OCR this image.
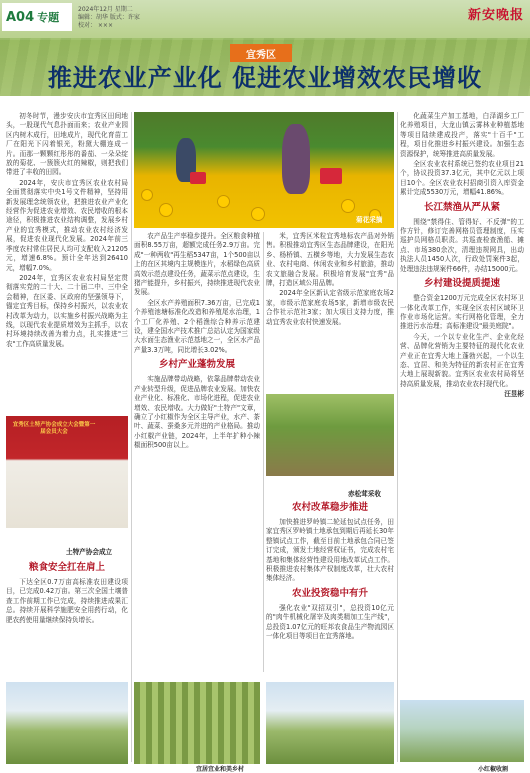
A04 专题
2024年12月 星期二
编辑：胡华 版式：许家
校对： ×××
新安晚报
宜秀区
推进农业产业化 促进农业增效农民增收

初冬时节，漫步安庆市宜秀区田间地头，一股现代气息扑面而来；农业产业园区内树木成行，田地成片，现代化育苗工厂在阳光下闪着银光，粉黛大棚连成一片。而那一颗颗红彤彤的番茄、一朵朵绽放的菊花、一簇簇火红的辣椒，则把我们带进了丰收的田园。

2024年，安庆市宜秀区农业农村局全面贯彻落实中央1号文件精神，坚持用新发展理念统领农业，把推进农业产业化经营作为促进农业增效、农民增收的根本途径，积极推进农业结构调整，发展乡村产业的宜秀模式，推动农业农村经济发展，促进农业现代化发展。2024年前三季度农村常住居民人均可支配收入21205元，增速6.8%。预计全年达到26410元，增幅7.0%。

2024年，宜秀区农业农村局坚定贯彻落实党的二十大、二十届二中、三中全会精神，在区委、区政府的坚强领导下，锚定宜秀目标，保持乡村振兴，以农业农村改革为动力，以实施乡村振兴战略为主线，以现代农业提质增效为主抓手，以农村环境持续改善为着力点，扎实推进"三农"工作高质量发展。

宜秀区土特产协会成立大会暨第一届会员大会
土特产协会成立
粮食安全扛在肩上

下达全区0.7万亩高标准农田建设项目，已完成0.42万亩。第三次全国土壤普查工作前期工作已完成，持续推进成果汇总。持续开展科学施肥安全用药行动，化肥农药使用量继续保持负增长。

菊花采摘

农产品生产率稳步提升。全区粮食种植面积8.55万亩，超额完成任务2.9万亩。完成"一种两收"再生稻5347亩，1个500亩以上的在区其境内主规模连片，水稻绿色高质高效示范点建设任务，蔬菜示范点建设，生猪产能提升，乡村振兴，持续推进现代农业发展。

全区水产养殖面积7.36万亩，已完成1个养殖池塘标准化改造和养殖尾水治理，1个工厂化养殖、2个稻渔综合种养示范建设，建全国水产技术推广总站认定为国家级大水面生态渔业示范基地之一，全区水产品产量3.3万吨，同比增长3.02%。

乡村产业蓬勃发展

实施品牌带动战略，依靠品牌带动农业产业转型升级，促进品牌农业发展。加快农业产业化、标准化、市场化进程，促进农业增效、农民增收。大力做好"土特产"文章，确立了小红椒作为全区主导产业，水产、茶叶、蔬菜、蚕桑多元并进的产业格局。推动小红椒产业链，2024年，上半年扩种小辣椒面积500亩以上。

米，宜秀区米粒宜秀地标农产品对外销售。积极推动宜秀区生态品牌建设，在阳光乡、杨桥镇、五横乡等地，大力发展生态农业、农村电商、休闲农业和乡村旅游，推动农文旅融合发展。积极培育发展"宜秀"品牌，打造区域公用品牌。

2024年全区新认定省级示范家庭农场2家，市级示范家庭农场5家，新增市级农民合作社示范社3家；加大项目支持力度，推动宜秀农业农村快速发展。

赤松茸采收
农村改革稳步推进

加快推进罗岭镇二轮延包试点任务，田家宜秀区罗岭镇土地承包到期后再延长30年整镇试点工作，截至目前土地承包合同已签订完成，颁发土地经营权证书，完成农村宅基地和集体经营性建设用地改革试点工作。积极推进农村集体产权制度改革，壮大农村集体经济。

农业投资稳中有升

强化农业"双招双引"，总投资10亿元的"肉牛机械化屠宰及肉类精加工生产线"，总投资1.07亿元的旺邦农食品生产物流园区一体化项目等项目在宜秀落地。

化蔬菜生产加工基地，白泽湖乡工厂化养殖项目，大龙山镇云雾林业种植基地等项目陆续建成投产，落实"十百千"工程，项目化推进乡村振兴建设。加强生态资源保护，统筹推进高质量发展。

全区农业农村系统已签约农业项目21个，协议投资37.3亿元，其中亿元以上项目10个。全区农业农村招商引资入库资金累计完成5530万元，增幅41.86%。

长江禁渔从严从紧

围绕"禁得住、管得好、不反弹"的工作方针，修订完善网格员管理制度，压实巡护员网格员职责。共巡查检查渔船、摊点、市场380余次，清理违规网具，出动执法人员1450人次，行政处罚案件3起，处理违法违规案件66件，办结15000元。

乡村建设提质提速

整合资金1200万元完成全区农村环卫一体化改革工作，实现全区农村区域环卫作业市场化运营。实行网格化管理，全力推进污水治理；高标准建设"最美庭院"。

今天，一个以专业化生产、企业化经营、品牌化营销为主要特征的现代化农业产业正在宜秀大地上蓬勃兴起，一个以生态、宜居、和美为特征的新农村正在宜秀大地上展现新貌。宜秀区农业农村局将坚持高质量发展，推动农业农村现代化。

汪昱彬
宜居宜业和美乡村	小红椒收割
